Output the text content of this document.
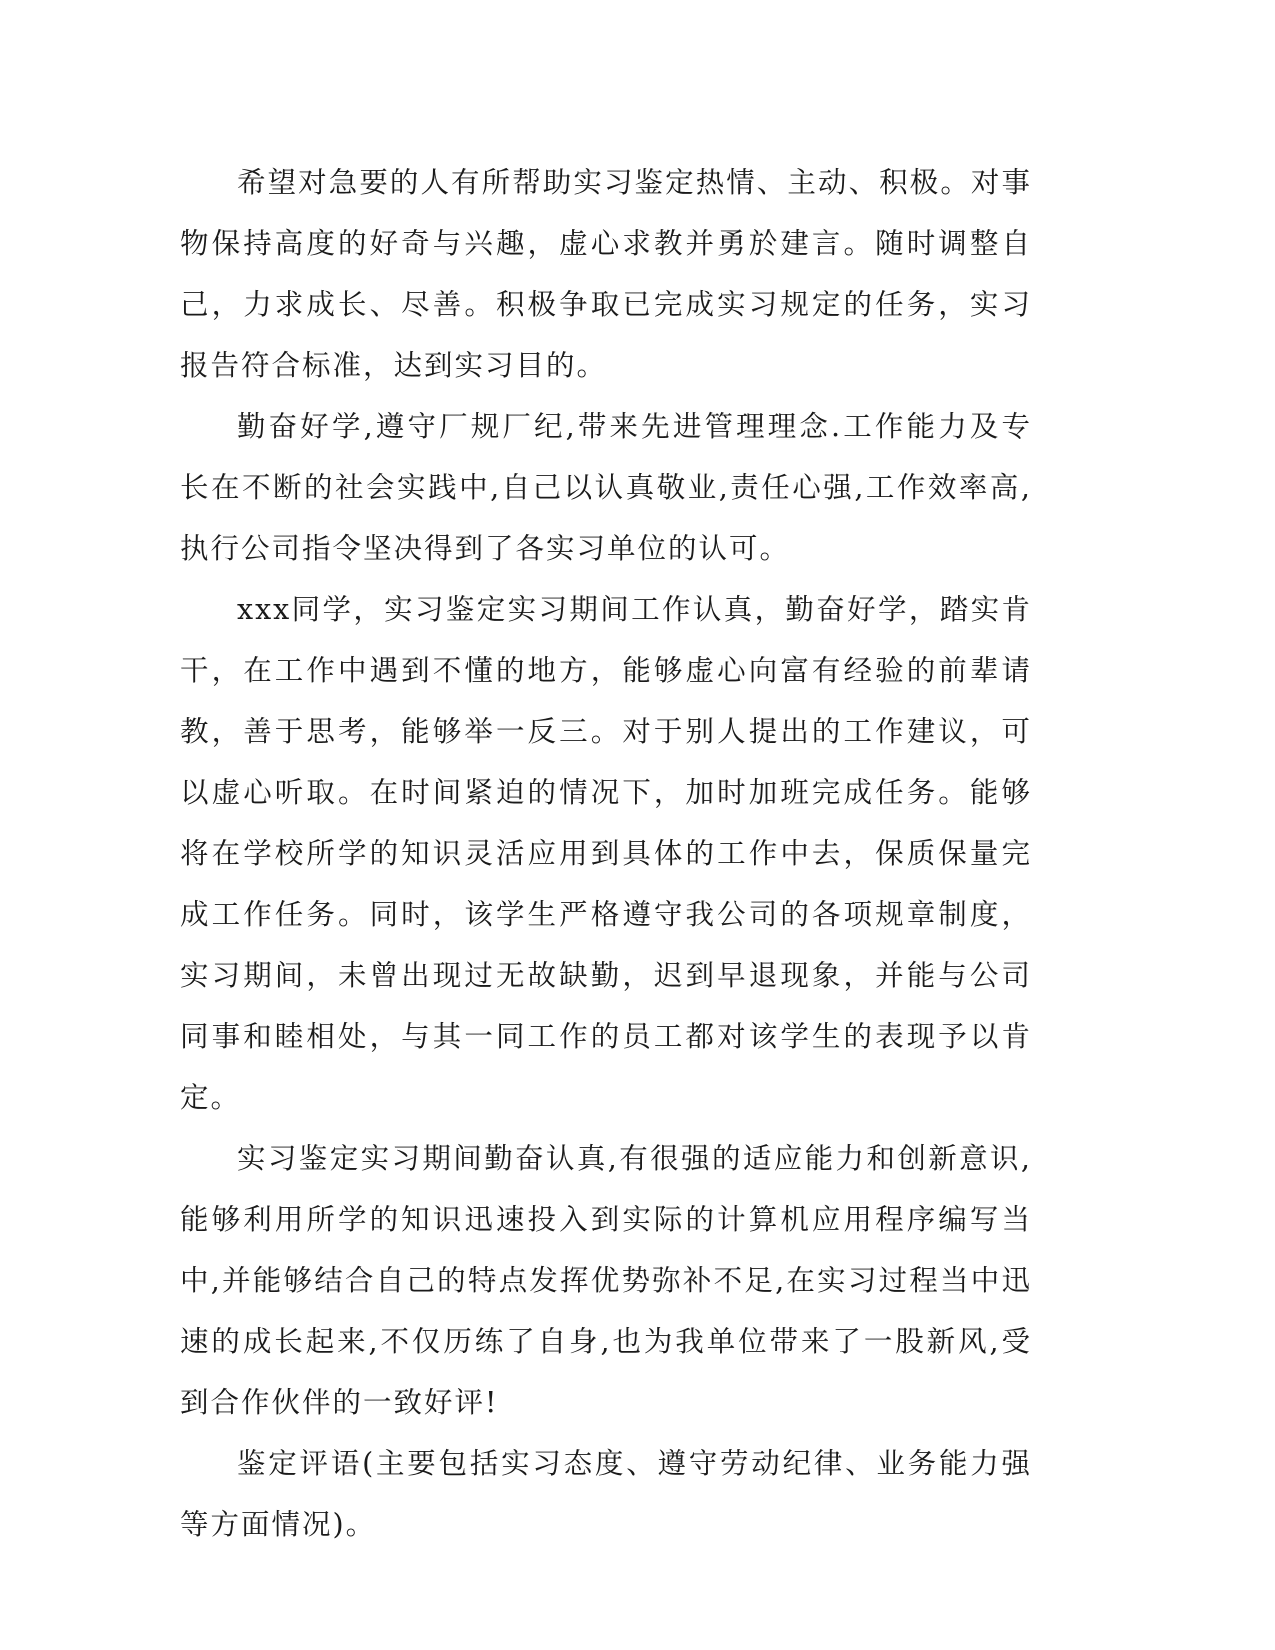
希望对急要的人有所帮助实习鉴定热情、主动、积极。对事物保持高度的好奇与兴趣，虚心求教并勇於建言。随时调整自己，力求成长、尽善。积极争取已完成实习规定的任务，实习报告符合标准，达到实习目的。

勤奋好学,遵守厂规厂纪,带来先进管理理念.工作能力及专长在不断的社会实践中,自己以认真敬业,责任心强,工作效率高,执行公司指令坚决得到了各实习单位的认可。

xxx同学，实习鉴定实习期间工作认真，勤奋好学，踏实肯干，在工作中遇到不懂的地方，能够虚心向富有经验的前辈请教，善于思考，能够举一反三。对于别人提出的工作建议，可以虚心听取。在时间紧迫的情况下，加时加班完成任务。能够将在学校所学的知识灵活应用到具体的工作中去，保质保量完成工作任务。同时，该学生严格遵守我公司的各项规章制度，实习期间，未曾出现过无故缺勤，迟到早退现象，并能与公司同事和睦相处，与其一同工作的员工都对该学生的表现予以肯定。

实习鉴定实习期间勤奋认真,有很强的适应能力和创新意识,能够利用所学的知识迅速投入到实际的计算机应用程序编写当中,并能够结合自己的特点发挥优势弥补不足,在实习过程当中迅速的成长起来,不仅历练了自身,也为我单位带来了一股新风,受到合作伙伴的一致好评!

鉴定评语(主要包括实习态度、遵守劳动纪律、业务能力强等方面情况)。
